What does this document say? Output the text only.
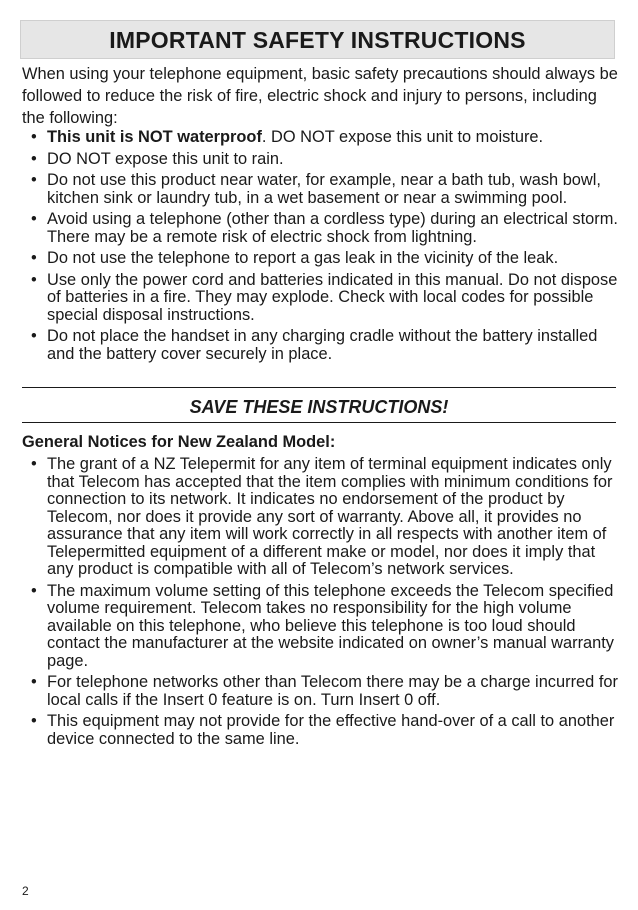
IMPORTANT SAFETY INSTRUCTIONS

When using your telephone equipment, basic safety precautions should always be followed to reduce the risk of fire, electric shock and injury to persons, including the following:

• This unit is NOT waterproof. DO NOT expose this unit to moisture.
• DO NOT expose this unit to rain.
• Do not use this product near water, for example, near a bath tub, wash bowl, kitchen sink or laundry tub, in a wet basement or near a swimming pool.
• Avoid using a telephone (other than a cordless type) during an electrical storm. There may be a remote risk of electric shock from lightning.
• Do not use the telephone to report a gas leak in the vicinity of the leak.
• Use only the power cord and batteries indicated in this manual. Do not dispose of batteries in a fire. They may explode. Check with local codes for possible special disposal instructions.
• Do not place the handset in any charging cradle without the battery installed and the battery cover securely in place.
SAVE THESE INSTRUCTIONS!
General Notices for New Zealand Model:
• The grant of a NZ Telepermit for any item of terminal equipment indicates only that Telecom has accepted that the item complies with minimum conditions for connection to its network. It indicates no endorsement of the product by Telecom, nor does it provide any sort of warranty. Above all, it provides no assurance that any item will work correctly in all respects with another item of Telepermitted equipment of a different make or model, nor does it imply that any product is compatible with all of Telecom’s network services.
• The maximum volume setting of this telephone exceeds the Telecom specified volume requirement. Telecom takes no responsibility for the high volume available on this telephone, who believe this telephone is too loud should contact the manufacturer at the website indicated on owner’s manual warranty page.
• For telephone networks other than Telecom there may be a charge incurred for local calls if the Insert 0 feature is on. Turn Insert 0 off.
• This equipment may not provide for the effective hand-over of a call to another device connected to the same line.
2
